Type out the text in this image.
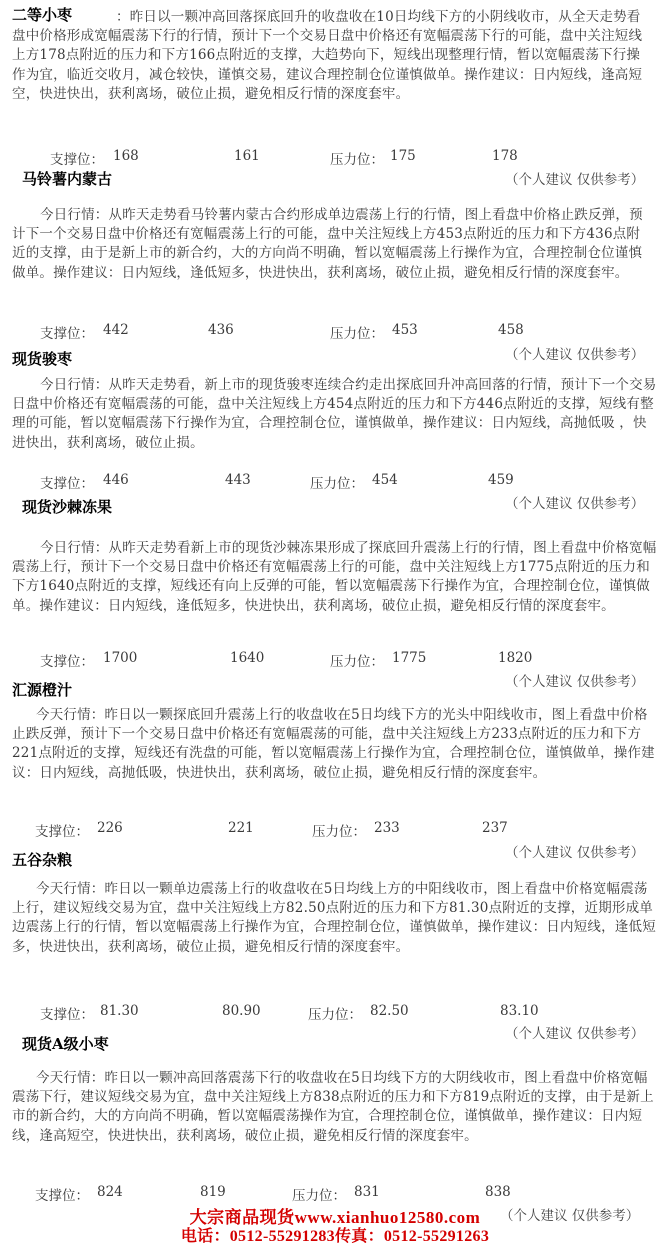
二等小枣	：昨日以一颗冲高回落探底回升的收盘收在10日均线下方的小阴线收市，从全天走势看盘中价格形成宽幅震荡下行的行情，预计下一个交易日盘中价格还有宽幅震荡下行的可能，盘中关注短线上方178点附近的压力和下方166点附近的支撑，大趋势向下，短线出现整理行情，暂以宽幅震荡下行操作为宜，临近交收月，减仓较快，谨慎交易，建议合理控制仓位谨慎做单。操作建议：日内短线，逢高短空，快进快出，获利离场，破位止损，避免相反行情的深度套牢。
支撑位： 168	161	压力位： 175	178
马铃薯内蒙古	（个人建议 仅供参考）
今日行情：从昨天走势看马铃薯内蒙古合约形成单边震荡上行的行情，图上看盘中价格止跌反弹，预计下一个交易日盘中价格还有宽幅震荡上行的可能，盘中关注短线上方453点附近的压力和下方436点附近的支撑，由于是新上市的新合约，大的方向尚不明确，暂以宽幅震荡上行操作为宜，合理控制仓位谨慎做单。操作建议：日内短线，逢低短多，快进快出，获利离场，破位止损，避免相反行情的深度套牢。
支撑位： 442	436	压力位： 453	458
（个人建议 仅供参考）
现货骏枣
今日行情：从昨天走势看，新上市的现货骏枣连续合约走出探底回升冲高回落的行情，预计下一个交易日盘中价格还有宽幅震荡的可能，盘中关注短线上方454点附近的压力和下方446点附近的支撑，短线有整理的可能，暂以宽幅震荡下行操作为宜，合理控制仓位，谨慎做单，操作建议：日内短线，高抛低吸 ，快进快出，获利离场，破位止损。
支撑位： 446	443	压力位： 454	459
（个人建议 仅供参考）
现货沙棘冻果
今日行情：从昨天走势看新上市的现货沙棘冻果形成了探底回升震荡上行的行情，图上看盘中价格宽幅震荡上行，预计下一个交易日盘中价格还有宽幅震荡上行的可能，盘中关注短线上方1775点附近的压力和下方1640点附近的支撑，短线还有向上反弹的可能，暂以宽幅震荡下行操作为宜，合理控制仓位，谨慎做单。操作建议：日内短线，逢低短多，快进快出，获利离场，破位止损，避免相反行情的深度套牢。
支撑位： 1700	1640	压力位： 1775	1820
（个人建议 仅供参考）
汇源橙汁
今天行情：昨日以一颗探底回升震荡上行的收盘收在5日均线下方的光头中阳线收市，图上看盘中价格止跌反弹，预计下一个交易日盘中价格还有宽幅震荡的可能，盘中关注短线上方233点附近的压力和下方221点附近的支撑，短线还有洗盘的可能，暂以宽幅震荡上行操作为宜，合理控制仓位，谨慎做单，操作建议：日内短线，高抛低吸，快进快出，获利离场，破位止损，避免相反行情的深度套牢。
支撑位： 226	221	压力位： 233	237
（个人建议 仅供参考）
五谷杂粮
今天行情：昨日以一颗单边震荡上行的收盘收在5日均线上方的中阳线收市，图上看盘中价格宽幅震荡上行，建议短线交易为宜，盘中关注短线上方82.50点附近的压力和下方81.30点附近的支撑，近期形成单边震荡上行的行情，暂以宽幅震荡上行操作为宜，合理控制仓位，谨慎做单，操作建议：日内短线，逢低短多，快进快出，获利离场，破位止损，避免相反行情的深度套牢。
支撑位： 81.30	80.90	压力位： 82.50	83.10
（个人建议 仅供参考）
现货A级小枣
今天行情：昨日以一颗冲高回落震荡下行的收盘收在5日均线下方的大阴线收市，图上看盘中价格宽幅震荡下行，建议短线交易为宜，盘中关注短线上方838点附近的压力和下方819点附近的支撑，由于是新上市的新合约，大的方向尚不明确，暂以宽幅震荡操作为宜，合理控制仓位，谨慎做单，操作建议：日内短线，逢高短空，快进快出，获利离场，破位止损，避免相反行情的深度套牢。
支撑位： 824	819	压力位： 831	838
（个人建议 仅供参考）
大宗商品现货www.xianhuo12580.com
电话：0512-55291283传真：0512-55291263
